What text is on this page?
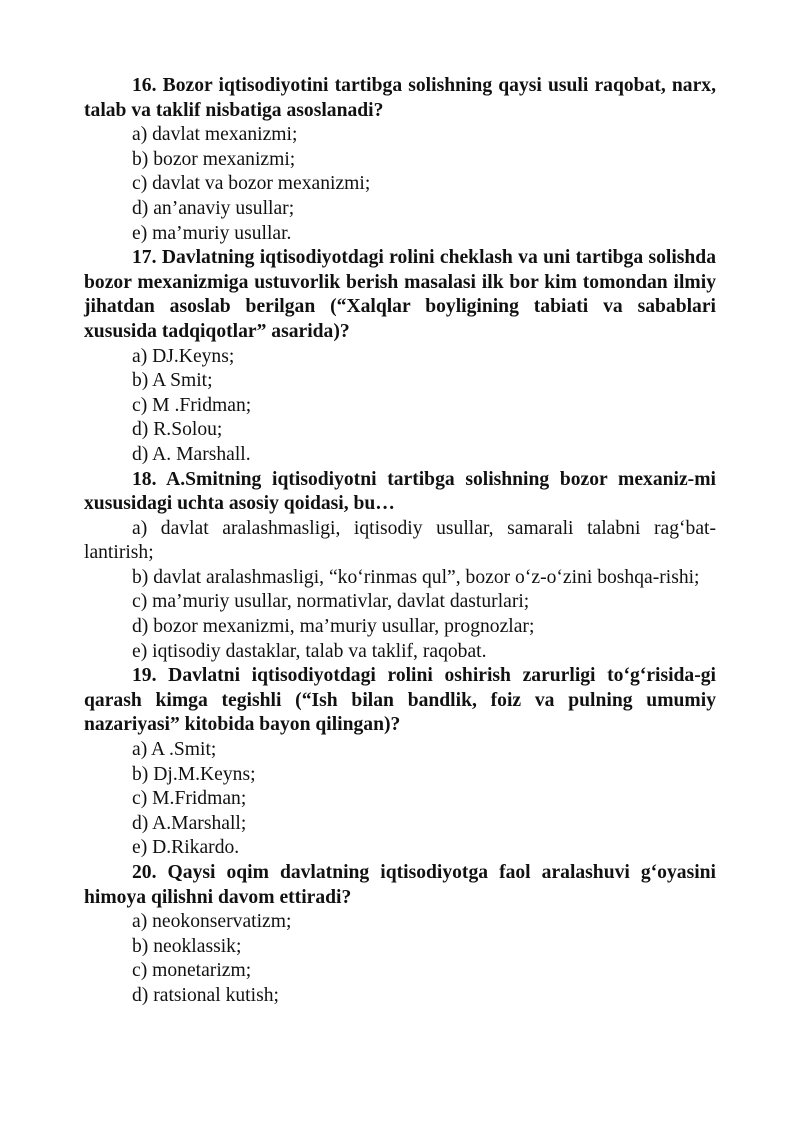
16. Bozor iqtisodiyotini tartibga solishning qaysi usuli raqobat, narx, talab va taklif nisbatiga asoslanadi?

a) davlat mexanizmi;
b) bozor mexanizmi;
c) davlat va bozor mexanizmi;
d) an’anaviy usullar;
e) ma’muriy usullar.

17. Davlatning iqtisodiyotdagi rolini cheklash va uni tartibga solishda bozor mexanizmiga ustuvorlik berish masalasi ilk bor kim tomondan ilmiy jihatdan asoslab berilgan (“Xalqlar boyligining tabiati va sabablari xususida tadqiqotlar” asarida)?

a) DJ.Keyns;
b) A Smit;
c) M .Fridman;
d) R.Solou;
d) A. Marshall.

18. A.Smitning iqtisodiyotni tartibga solishning bozor mexaniz-mi xususidagi uchta asosiy qoidasi, bu…

a) davlat aralashmasligi, iqtisodiy usullar, samarali talabni rag‘bat-lantirish;
b) davlat aralashmasligi, “ko‘rinmas qul”, bozor o‘z-o‘zini boshqa-rishi;
c) ma’muriy usullar, normativlar, davlat dasturlari;
d) bozor mexanizmi, ma’muriy usullar, prognozlar;
e) iqtisodiy dastaklar, talab va taklif, raqobat.

19. Davlatni iqtisodiyotdagi rolini oshirish zarurligi to‘g‘risida-gi qarash kimga tegishli (“Ish bilan bandlik, foiz va pulning umumiy nazariyasi” kitobida bayon qilingan)?

a) A .Smit;
b) Dj.M.Keyns;
c) M.Fridman;
d) A.Marshall;
e) D.Rikardo.

20. Qaysi oqim davlatning iqtisodiyotga faol aralashuvi g‘oyasini himoya qilishni davom ettiradi?

a) neokonservatizm;
b) neoklassik;
c) monetarizm;
d) ratsional kutish;
